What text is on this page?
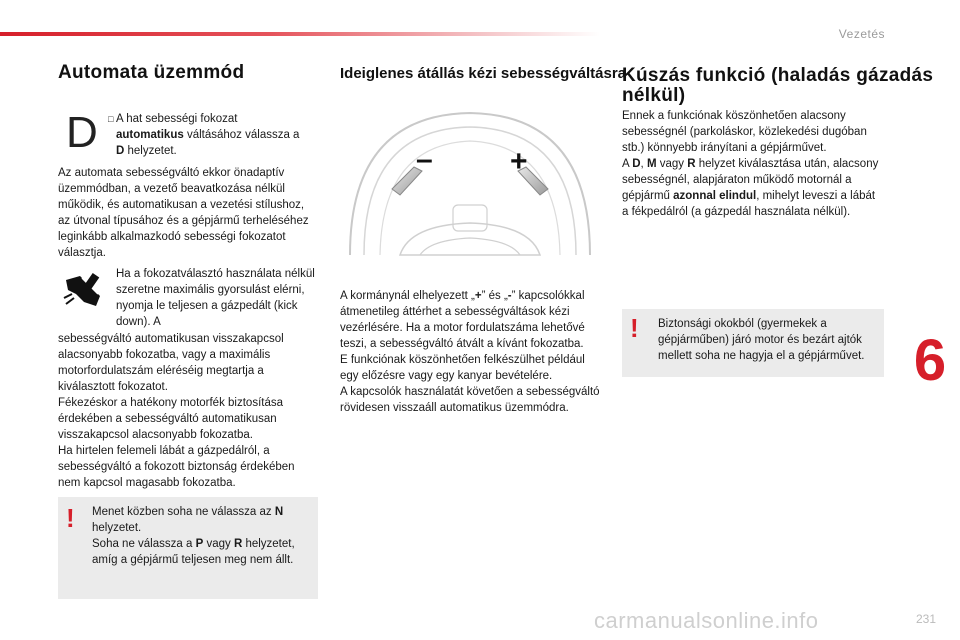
Vezetés
6
Automata üzemmód
D □ A hat sebességi fokozat automatikus váltásához válassza a D helyzetet.
Az automata sebességváltó ekkor önadaptív üzemmódban, a vezető beavatkozása nélkül működik, és automatikusan a vezetési stílushoz, az útvonal típusához és a gépjármű terheléséhez leginkább alkalmazkodó sebességi fokozatot választja.
Ha a fokozatválasztó használata nélkül szeretne maximális gyorsulást elérni, nyomja le teljesen a gázpedált (kick down). A
sebességváltó automatikusan visszakapcsol alacsonyabb fokozatba, vagy a maximális motorfordulatszám eléréséig megtartja a kiválasztott fokozatot.
Fékezéskor a hatékony motorfék biztosítása érdekében a sebességváltó automatikusan visszakapcsol alacsonyabb fokozatba.
Ha hirtelen felemeli lábát a gázpedálról, a sebességváltó a fokozott biztonság érdekében nem kapcsol magasabb fokozatba.
! Menet közben soha ne válassza az N helyzetet.
Soha ne válassza a P vagy R helyzetet, amíg a gépjármű teljesen meg nem állt.
Ideiglenes átállás kézi sebességváltásra
–	+
A kormánynál elhelyezett „+” és „-” kapcsolókkal átmenetileg áttérhet a sebességváltások kézi vezérlésére. Ha a motor fordulatszáma lehetővé teszi, a sebességváltó átvált a kívánt fokozatba.
E funkciónak köszönhetően felkészülhet például egy előzésre vagy egy kanyar bevételére.
A kapcsolók használatát követően a sebességváltó rövidesen visszaáll automatikus üzemmódra.
Kúszás funkció (haladás gázadás nélkül)
Ennek a funkciónak köszönhetően alacsony sebességnél (parkoláskor, közlekedési dugóban stb.) könnyebb irányítani a gépjárművet.
A D, M vagy R helyzet kiválasztása után, alacsony sebességnél, alapjáraton működő motornál a gépjármű azonnal elindul, mihelyt leveszi a lábát a fékpedálról (a gázpedál használata nélkül).
! Biztonsági okokból (gyermekek a gépjárműben) járó motor és bezárt ajtók mellett soha ne hagyja el a gépjárművet.
carmanualsonline.info	231
